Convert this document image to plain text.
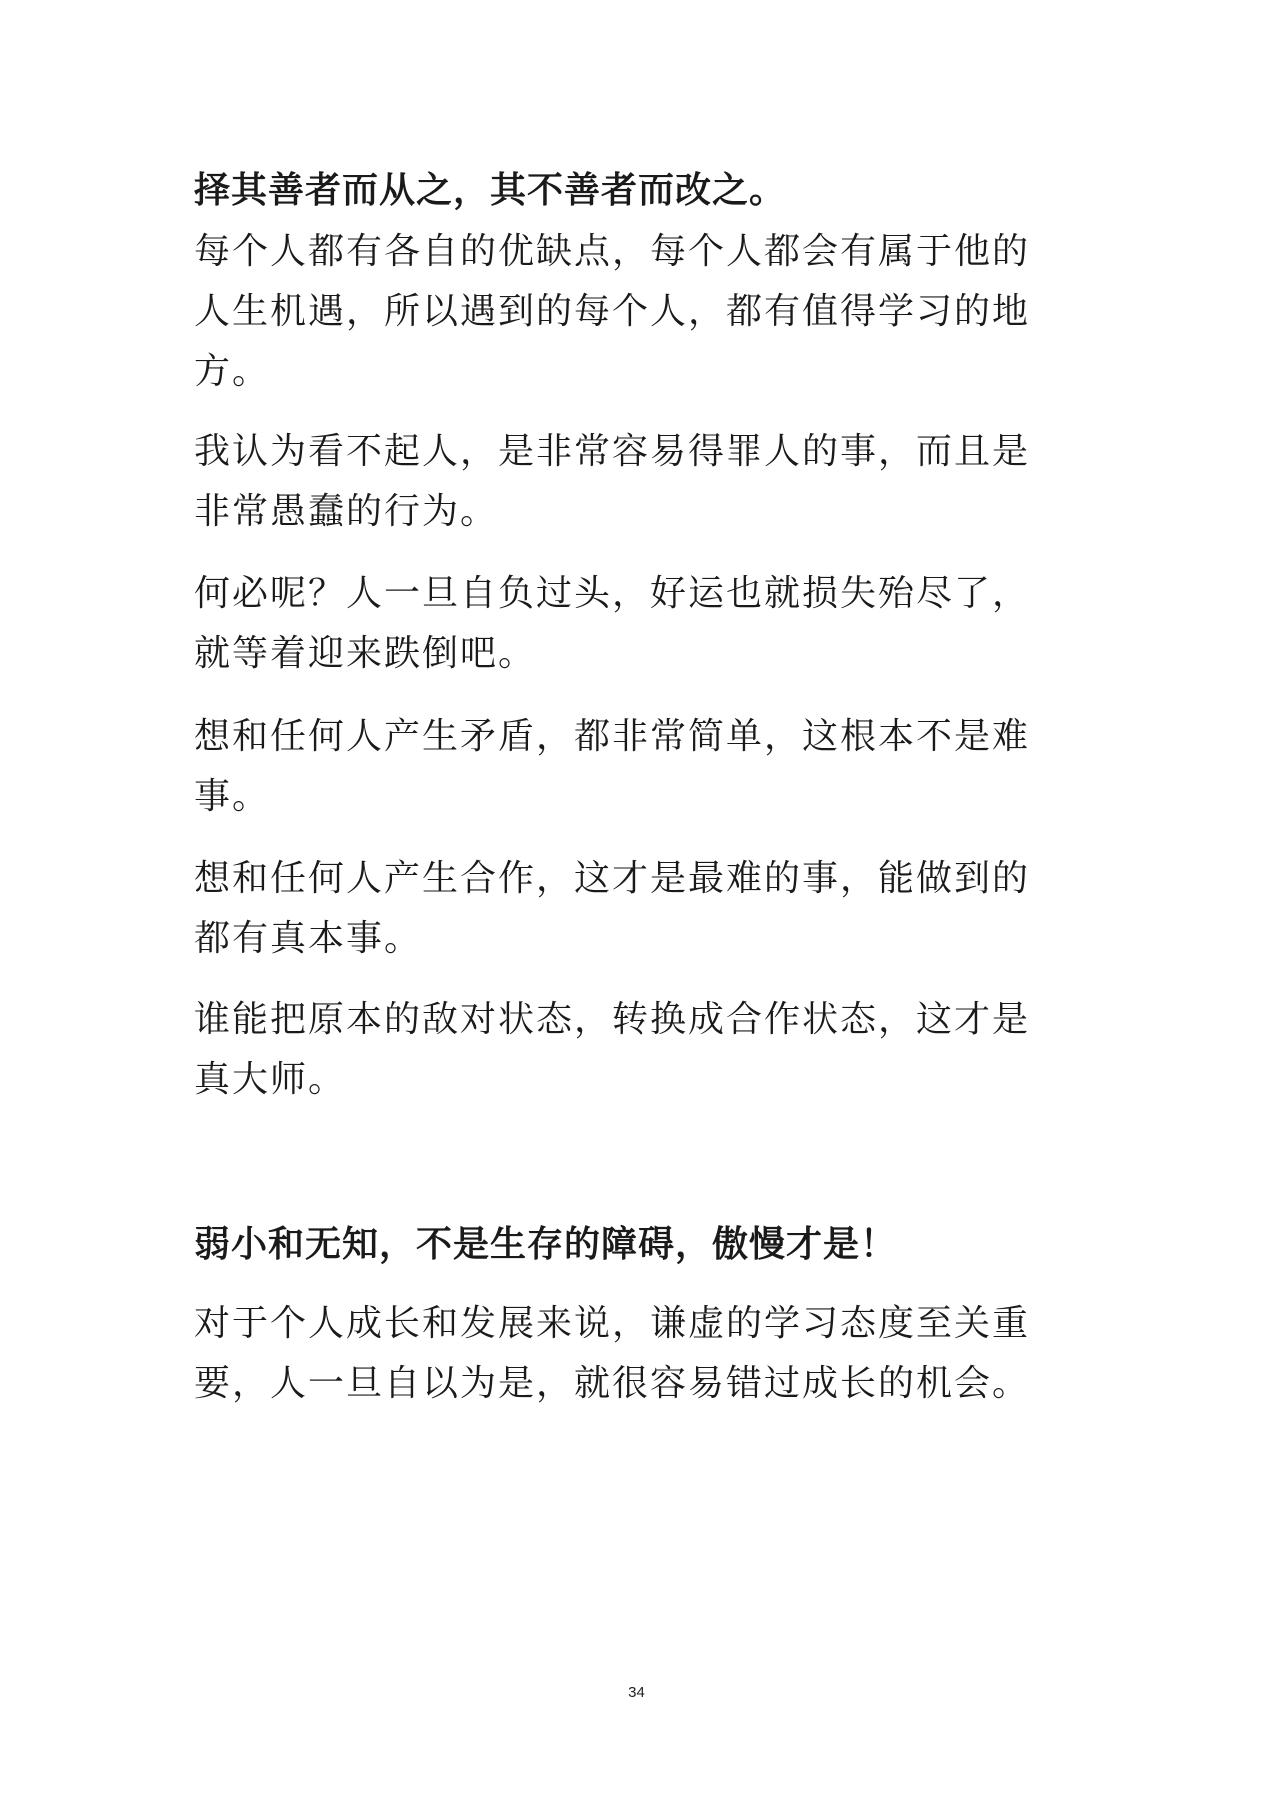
择其善者而从之，其不善者而改之。

每个人都有各自的优缺点，每个人都会有属于他的

人生机遇，所以遇到的每个人，都有值得学习的地

方。

我认为看不起人，是非常容易得罪人的事，而且是

非常愚蠢的行为。

何必呢？人一旦自负过头，好运也就损失殆尽了，

就等着迎来跌倒吧。

想和任何人产生矛盾，都非常简单，这根本不是难

事。

想和任何人产生合作，这才是最难的事，能做到的

都有真本事。

谁能把原本的敌对状态，转换成合作状态，这才是

真大师。

弱小和无知，不是生存的障碍，傲慢才是！

对于个人成长和发展来说，谦虚的学习态度至关重

要，人一旦自以为是，就很容易错过成长的机会。

34
